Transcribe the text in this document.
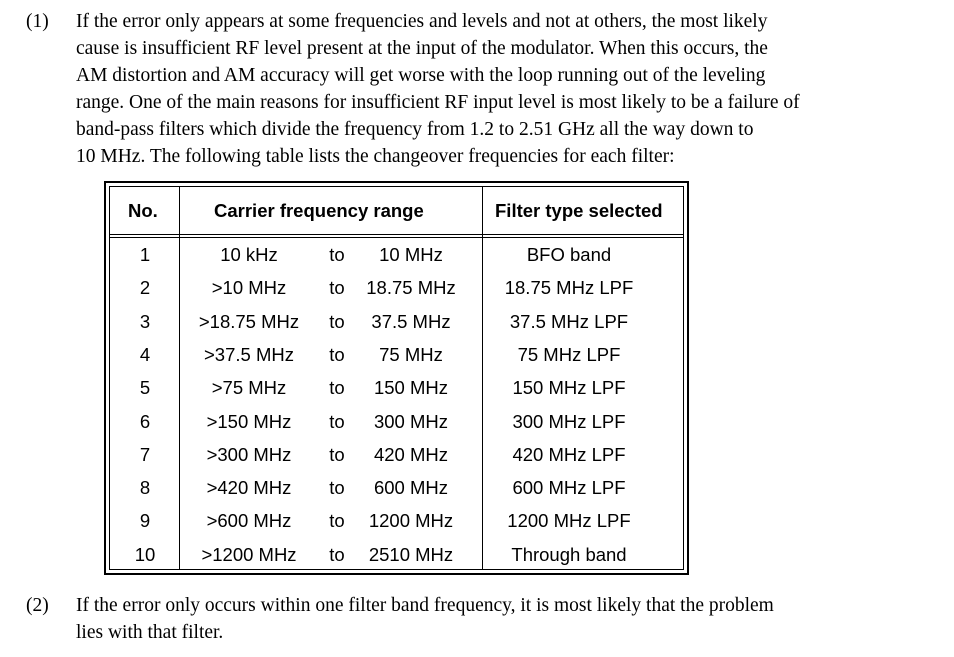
(1) If the error only appears at some frequencies and levels and not at others, the most likely
cause is insufficient RF level present at the input of the modulator. When this occurs, the
AM distortion and AM accuracy will get worse with the loop running out of the leveling
range. One of the main reasons for insufficient RF input level is most likely to be a failure of
band-pass filters which divide the frequency from 1.2 to 2.51 GHz all the way down to
10 MHz. The following table lists the changeover frequencies for each filter:
No.	Carrier frequency range	Filter type selected
1	10 kHz	to 10 MHz	BFO band
2	>10 MHz to 18.75 MHz	18.75 MHz LPF
3	>18.75 MHz to 37.5 MHz	37.5 MHz LPF
4	>37.5 MHz to 75 MHz	75 MHz LPF
5	>75 MHz to 150 MHz	150 MHz LPF
6	>150 MHz to 300 MHz	300 MHz LPF
7	>300 MHz to 420 MHz	420 MHz LPF
8	>420 MHz to 600 MHz	600 MHz LPF
9	>600 MHz to 1200 MHz	1200 MHz LPF
10 >1200 MHz to 2510 MHz	Through band
(2) If the error only occurs within one filter band frequency, it is most likely that the problem
lies with that filter.
